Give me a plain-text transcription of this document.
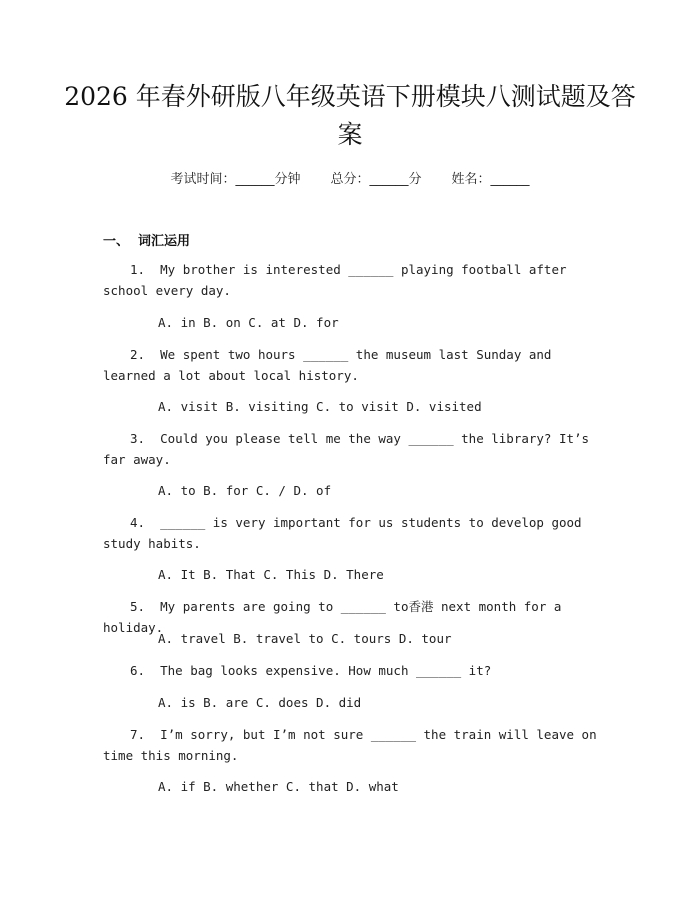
2026 年春外研版八年级英语下册模块八测试题及答案
考试时间：______分钟 总分：______分 姓名：______
一、  词汇运用
1. My brother is interested ______ playing football after school every day.
A. in B. on C. at D. for
2. We spent two hours ______ the museum last Sunday and learned a lot about local history.
A. visit B. visiting C. to visit D. visited
3. Could you please tell me the way ______ the library? It’s far away.
A. to B. for C. / D. of
4. ______ is very important for us students to develop good study habits.
A. It B. That C. This D. There
5. My parents are going to ______ to香港 next month for a holiday.
A. travel B. travel to C. tours D. tour
6. The bag looks expensive. How much ______ it?
A. is B. are C. does D. did
7. I’m sorry, but I’m not sure ______ the train will leave on time this morning.
A. if B. whether C. that D. what
